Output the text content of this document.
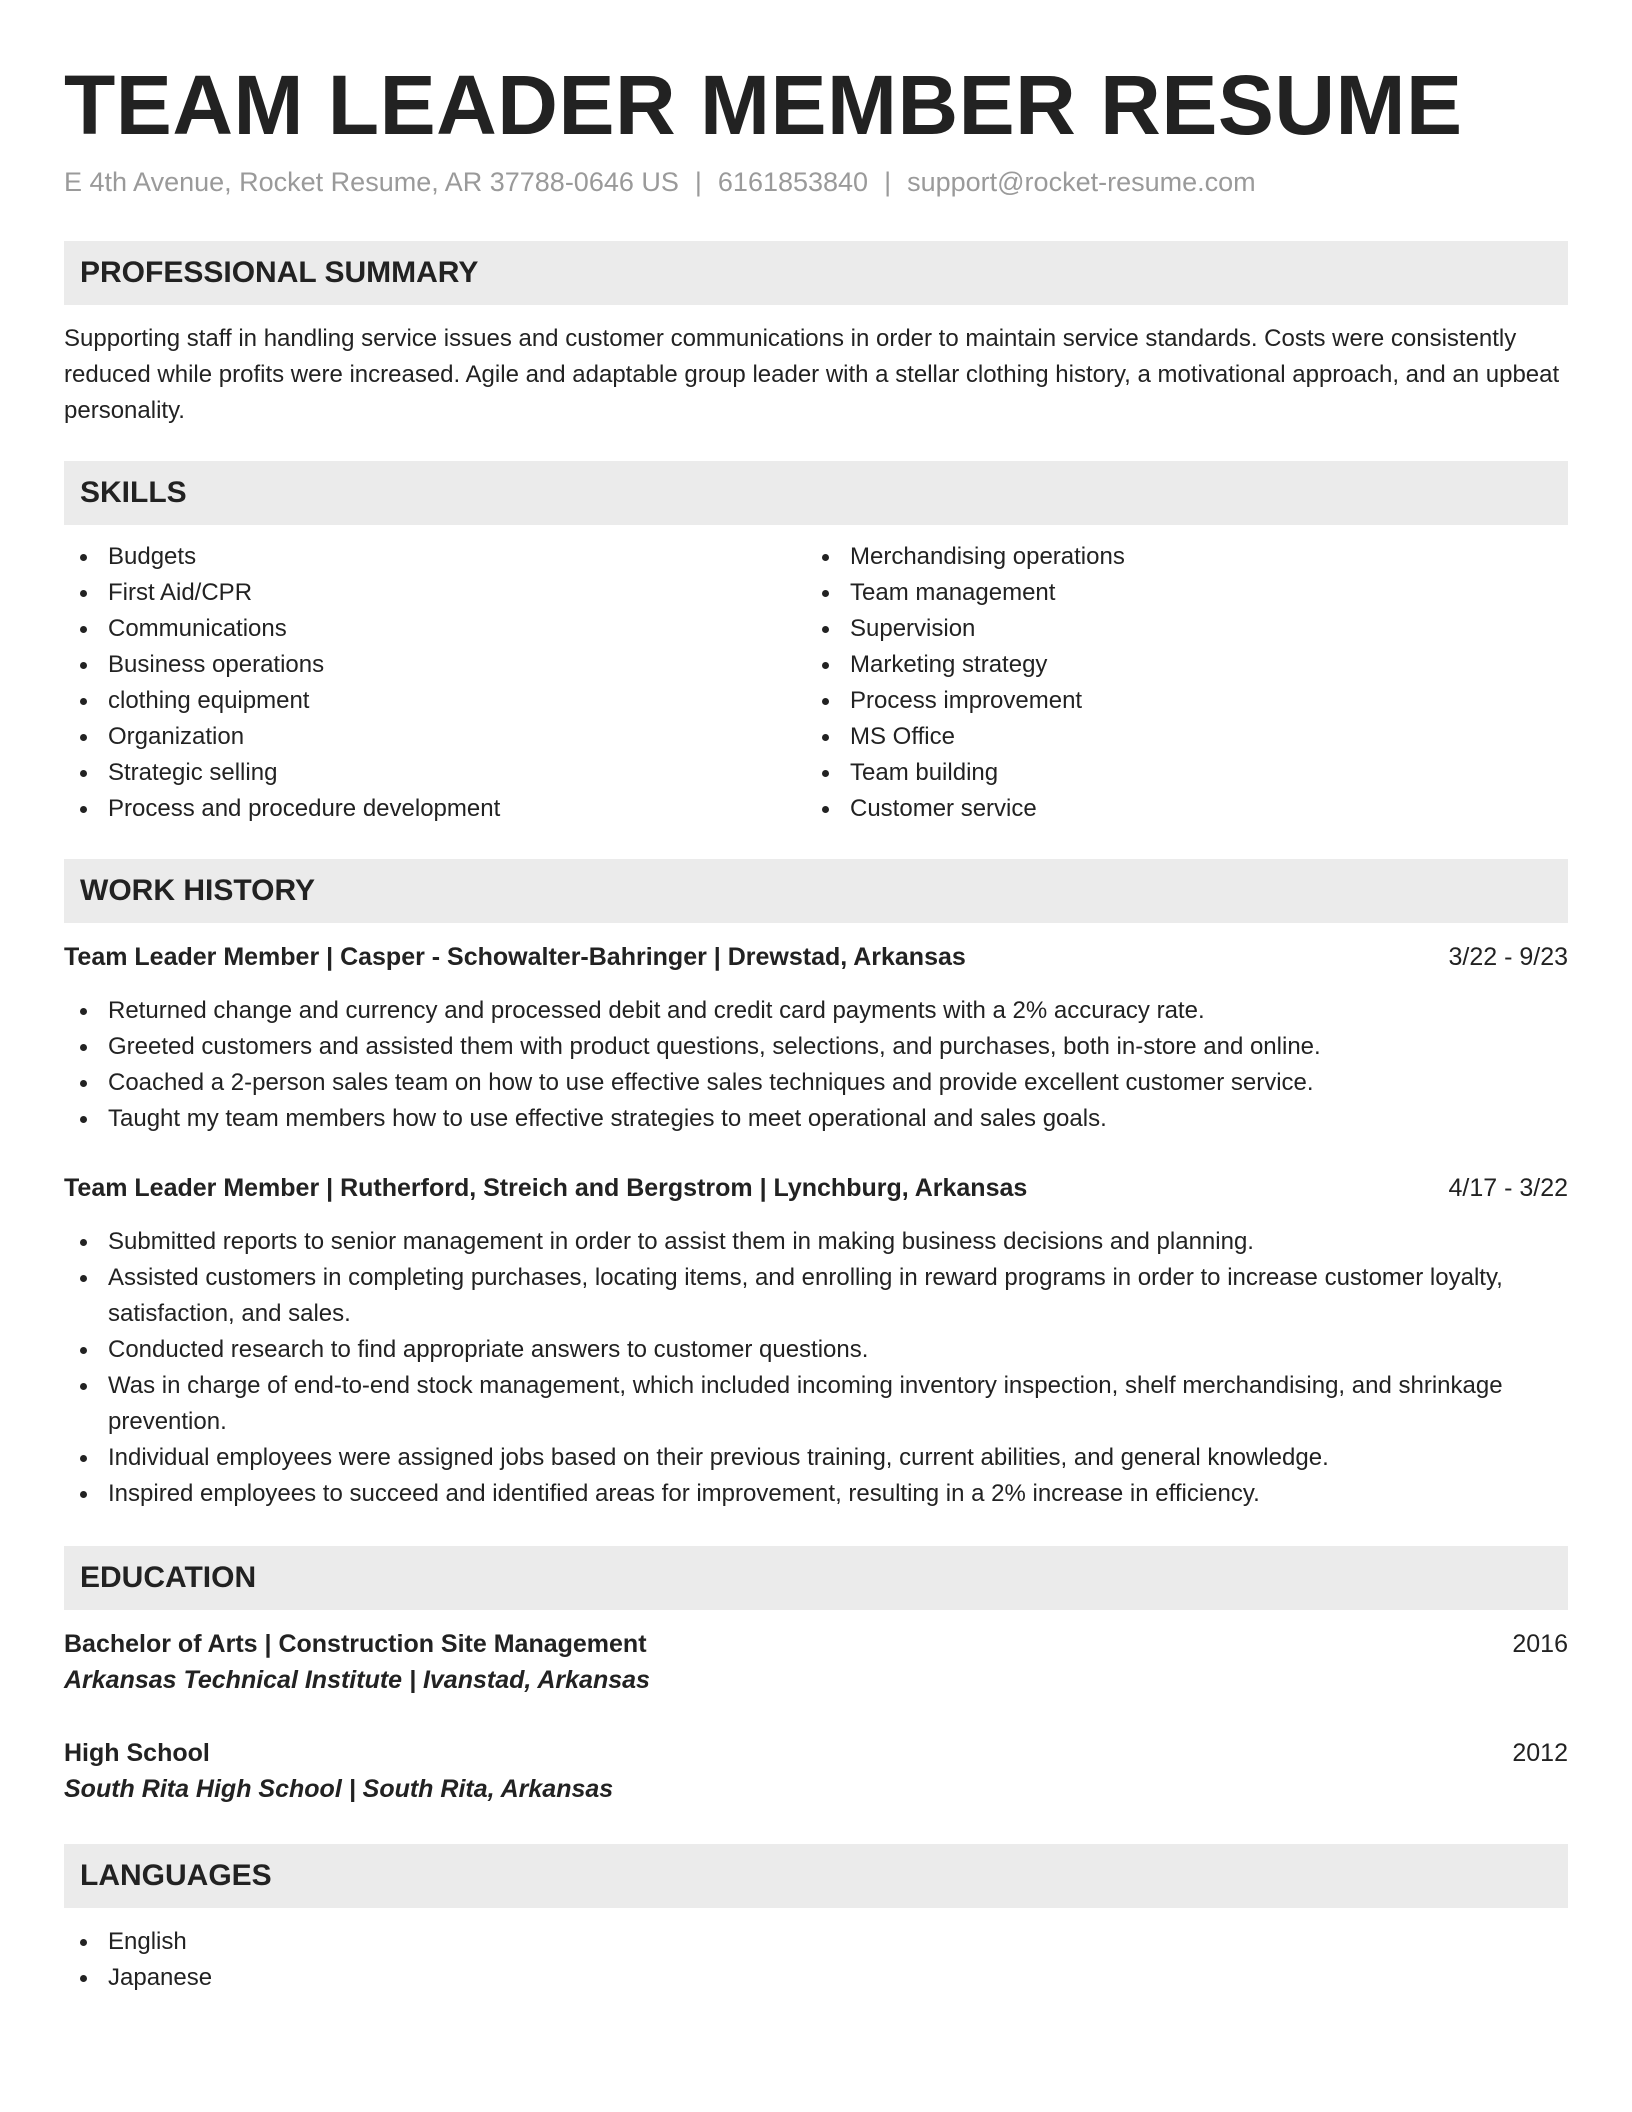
TEAM LEADER MEMBER RESUME
E 4th Avenue, Rocket Resume, AR 37788-0646 US | 6161853840 | support@rocket-resume.com
PROFESSIONAL SUMMARY
Supporting staff in handling service issues and customer communications in order to maintain service standards. Costs were consistently reduced while profits were increased. Agile and adaptable group leader with a stellar clothing history, a motivational approach, and an upbeat personality.
SKILLS
Budgets
First Aid/CPR
Communications
Business operations
clothing equipment
Organization
Strategic selling
Process and procedure development
Merchandising operations
Team management
Supervision
Marketing strategy
Process improvement
MS Office
Team building
Customer service
WORK HISTORY
Team Leader Member | Casper - Schowalter-Bahringer | Drewstad, Arkansas	3/22 - 9/23
Returned change and currency and processed debit and credit card payments with a 2% accuracy rate.
Greeted customers and assisted them with product questions, selections, and purchases, both in-store and online.
Coached a 2-person sales team on how to use effective sales techniques and provide excellent customer service.
Taught my team members how to use effective strategies to meet operational and sales goals.
Team Leader Member | Rutherford, Streich and Bergstrom | Lynchburg, Arkansas	4/17 - 3/22
Submitted reports to senior management in order to assist them in making business decisions and planning.
Assisted customers in completing purchases, locating items, and enrolling in reward programs in order to increase customer loyalty, satisfaction, and sales.
Conducted research to find appropriate answers to customer questions.
Was in charge of end-to-end stock management, which included incoming inventory inspection, shelf merchandising, and shrinkage prevention.
Individual employees were assigned jobs based on their previous training, current abilities, and general knowledge.
Inspired employees to succeed and identified areas for improvement, resulting in a 2% increase in efficiency.
EDUCATION
Bachelor of Arts | Construction Site Management	2016
Arkansas Technical Institute | Ivanstad, Arkansas
High School	2012
South Rita High School | South Rita, Arkansas
LANGUAGES
English
Japanese
